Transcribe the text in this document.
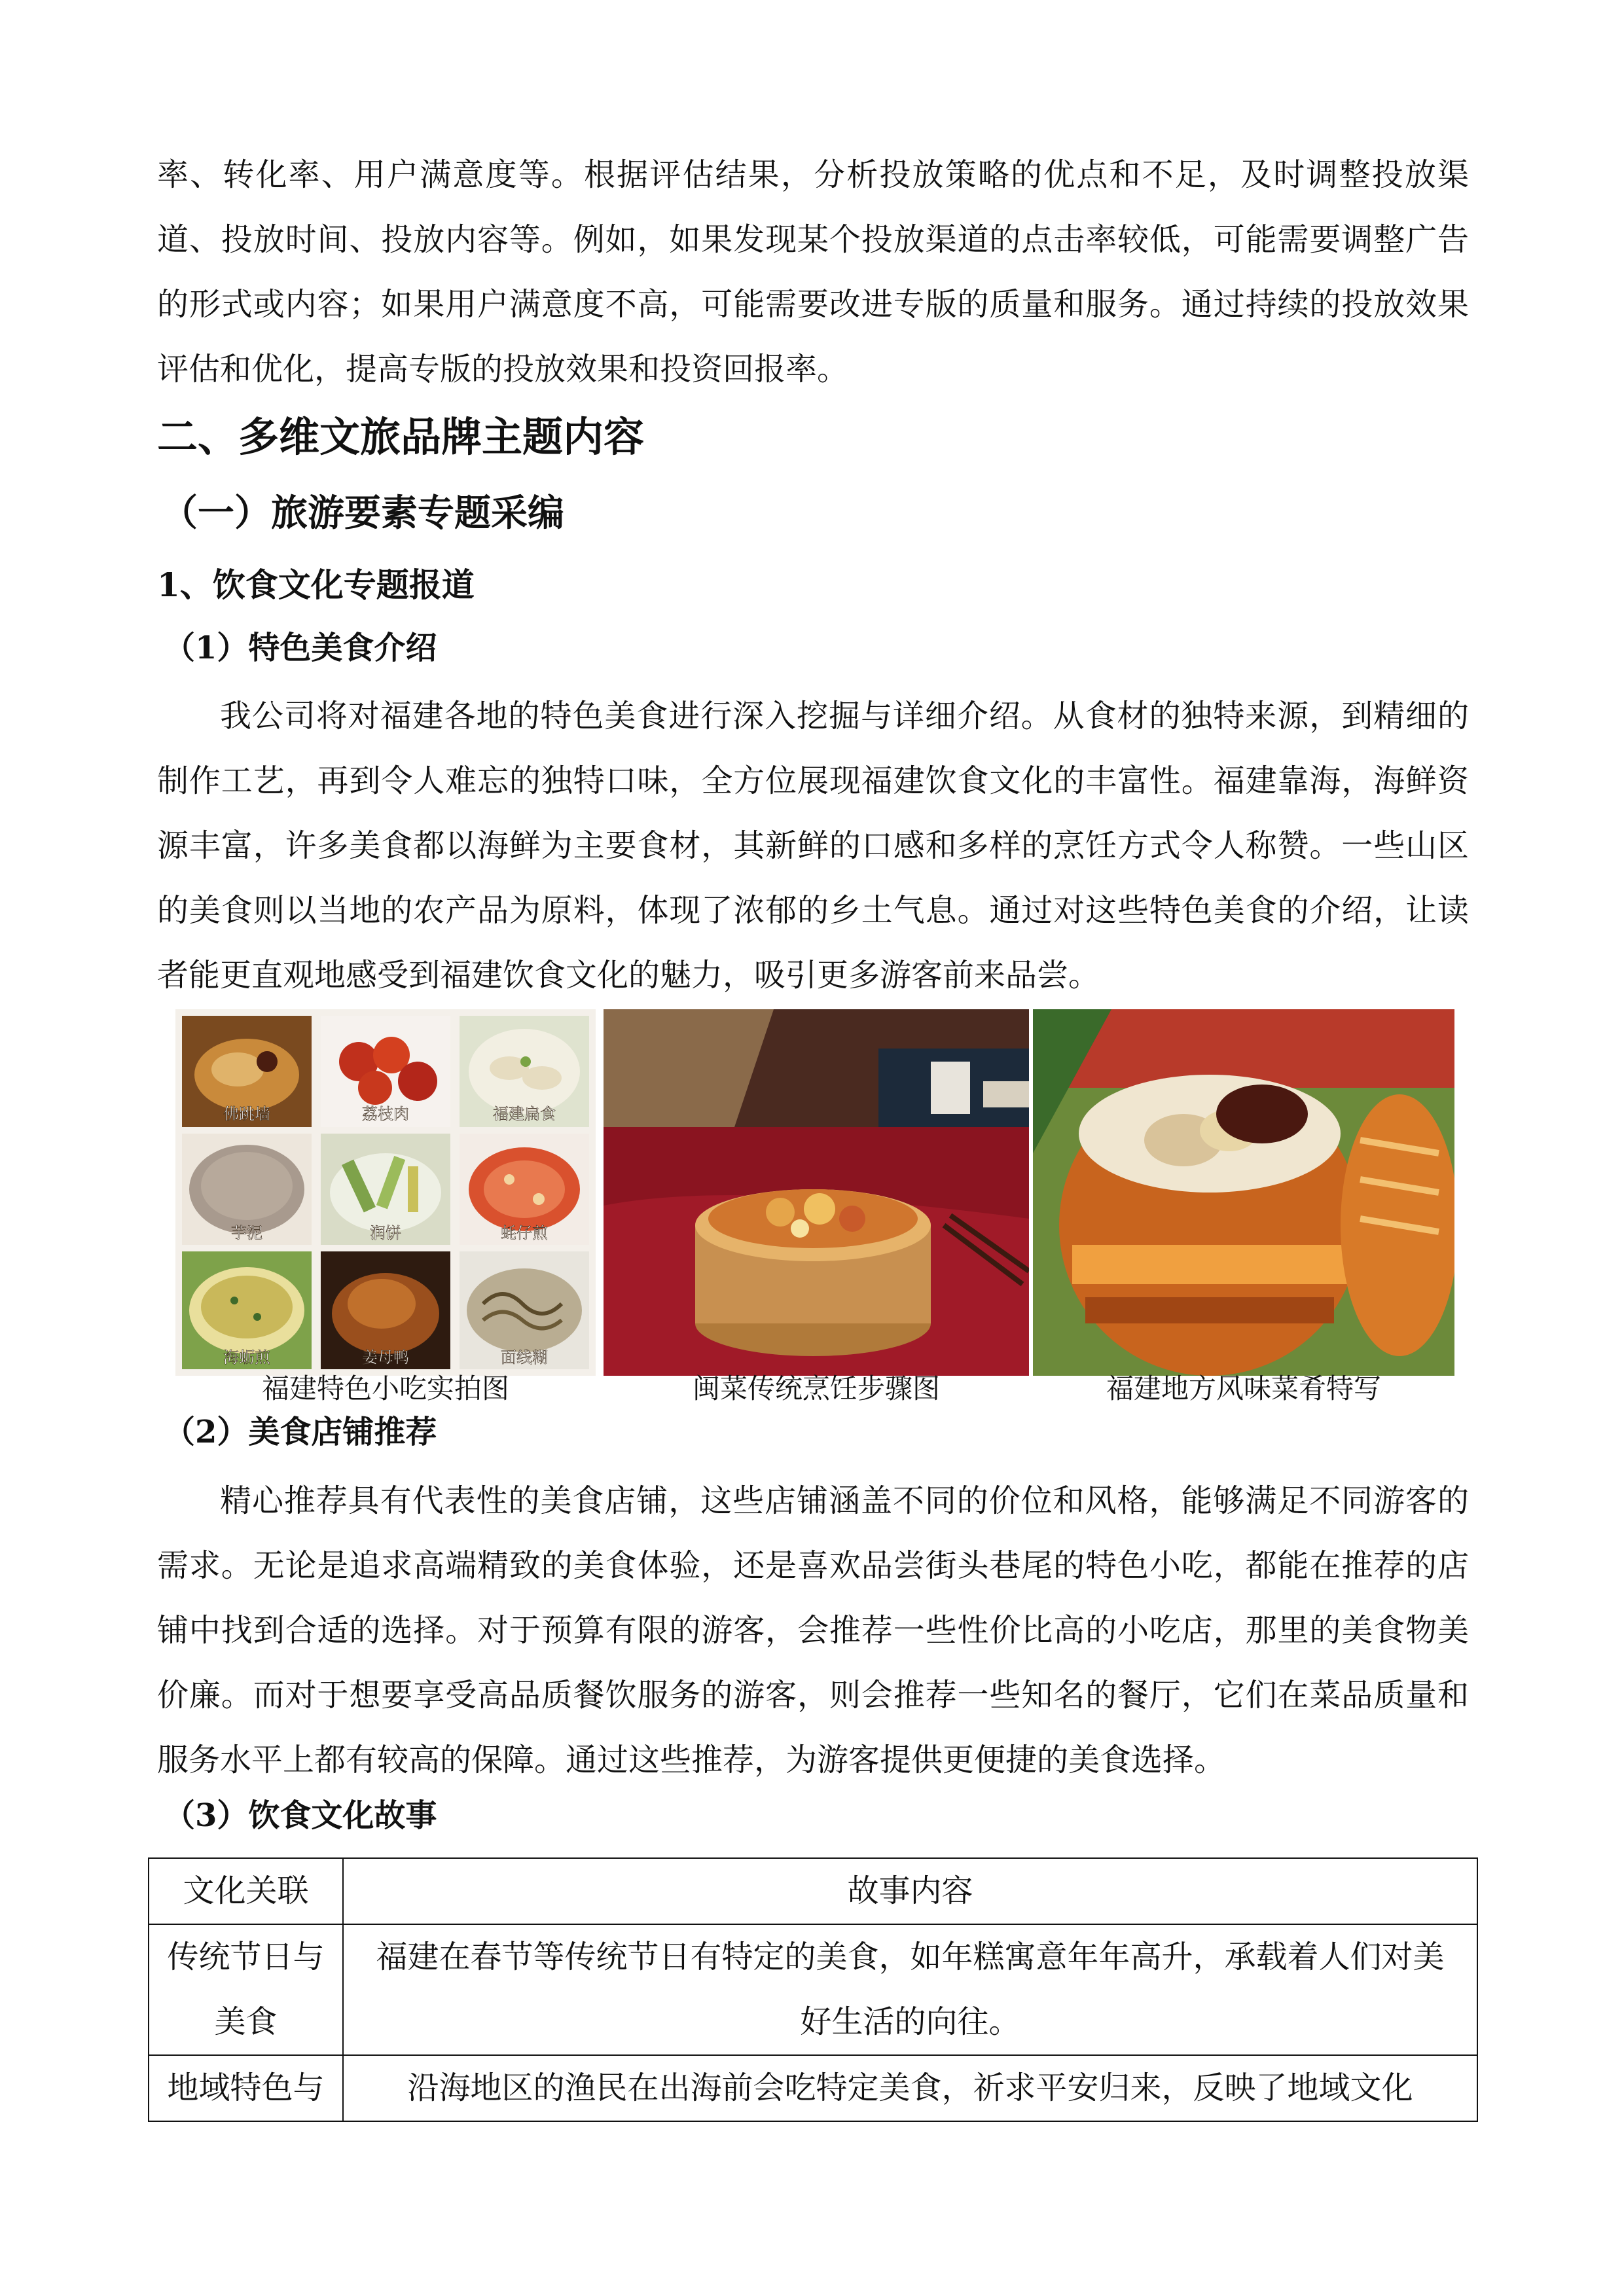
率、转化率、用户满意度等。根据评估结果，分析投放策略的优点和不足，及时调整投放渠道、投放时间、投放内容等。例如，如果发现某个投放渠道的点击率较低，可能需要调整广告的形式或内容；如果用户满意度不高，可能需要改进专版的质量和服务。通过持续的投放效果评估和优化，提高专版的投放效果和投资回报率。

二、多维文旅品牌主题内容
（一）旅游要素专题采编
1、饮食文化专题报道
（1）特色美食介绍

我公司将对福建各地的特色美食进行深入挖掘与详细介绍。从食材的独特来源，到精细的制作工艺，再到令人难忘的独特口味，全方位展现福建饮食文化的丰富性。福建靠海，海鲜资源丰富，许多美食都以海鲜为主要食材，其新鲜的口感和多样的烹饪方式令人称赞。一些山区的美食则以当地的农产品为原料，体现了浓郁的乡土气息。通过对这些特色美食的介绍，让读者能更直观地感受到福建饮食文化的魅力，吸引更多游客前来品尝。

佛跳墙	荔枝肉	福建扁食
芋泥	润饼	蚝仔煎
海蛎煎	姜母鸭	面线糊
福建特色小吃实拍图	闽菜传统烹饪步骤图	福建地方风味菜肴特写
（2）美食店铺推荐

精心推荐具有代表性的美食店铺，这些店铺涵盖不同的价位和风格，能够满足不同游客的需求。无论是追求高端精致的美食体验，还是喜欢品尝街头巷尾的特色小吃，都能在推荐的店铺中找到合适的选择。对于预算有限的游客，会推荐一些性价比高的小吃店，那里的美食物美价廉。而对于想要享受高品质餐饮服务的游客，则会推荐一些知名的餐厅，它们在菜品质量和服务水平上都有较高的保障。通过这些推荐，为游客提供更便捷的美食选择。

（3）饮食文化故事
文化关联	故事内容
传统节日与美食	福建在春节等传统节日有特定的美食，如年糕寓意年年高升，承载着人们对美好生活的向往。
地域特色与	沿海地区的渔民在出海前会吃特定美食，祈求平安归来，反映了地域文化
